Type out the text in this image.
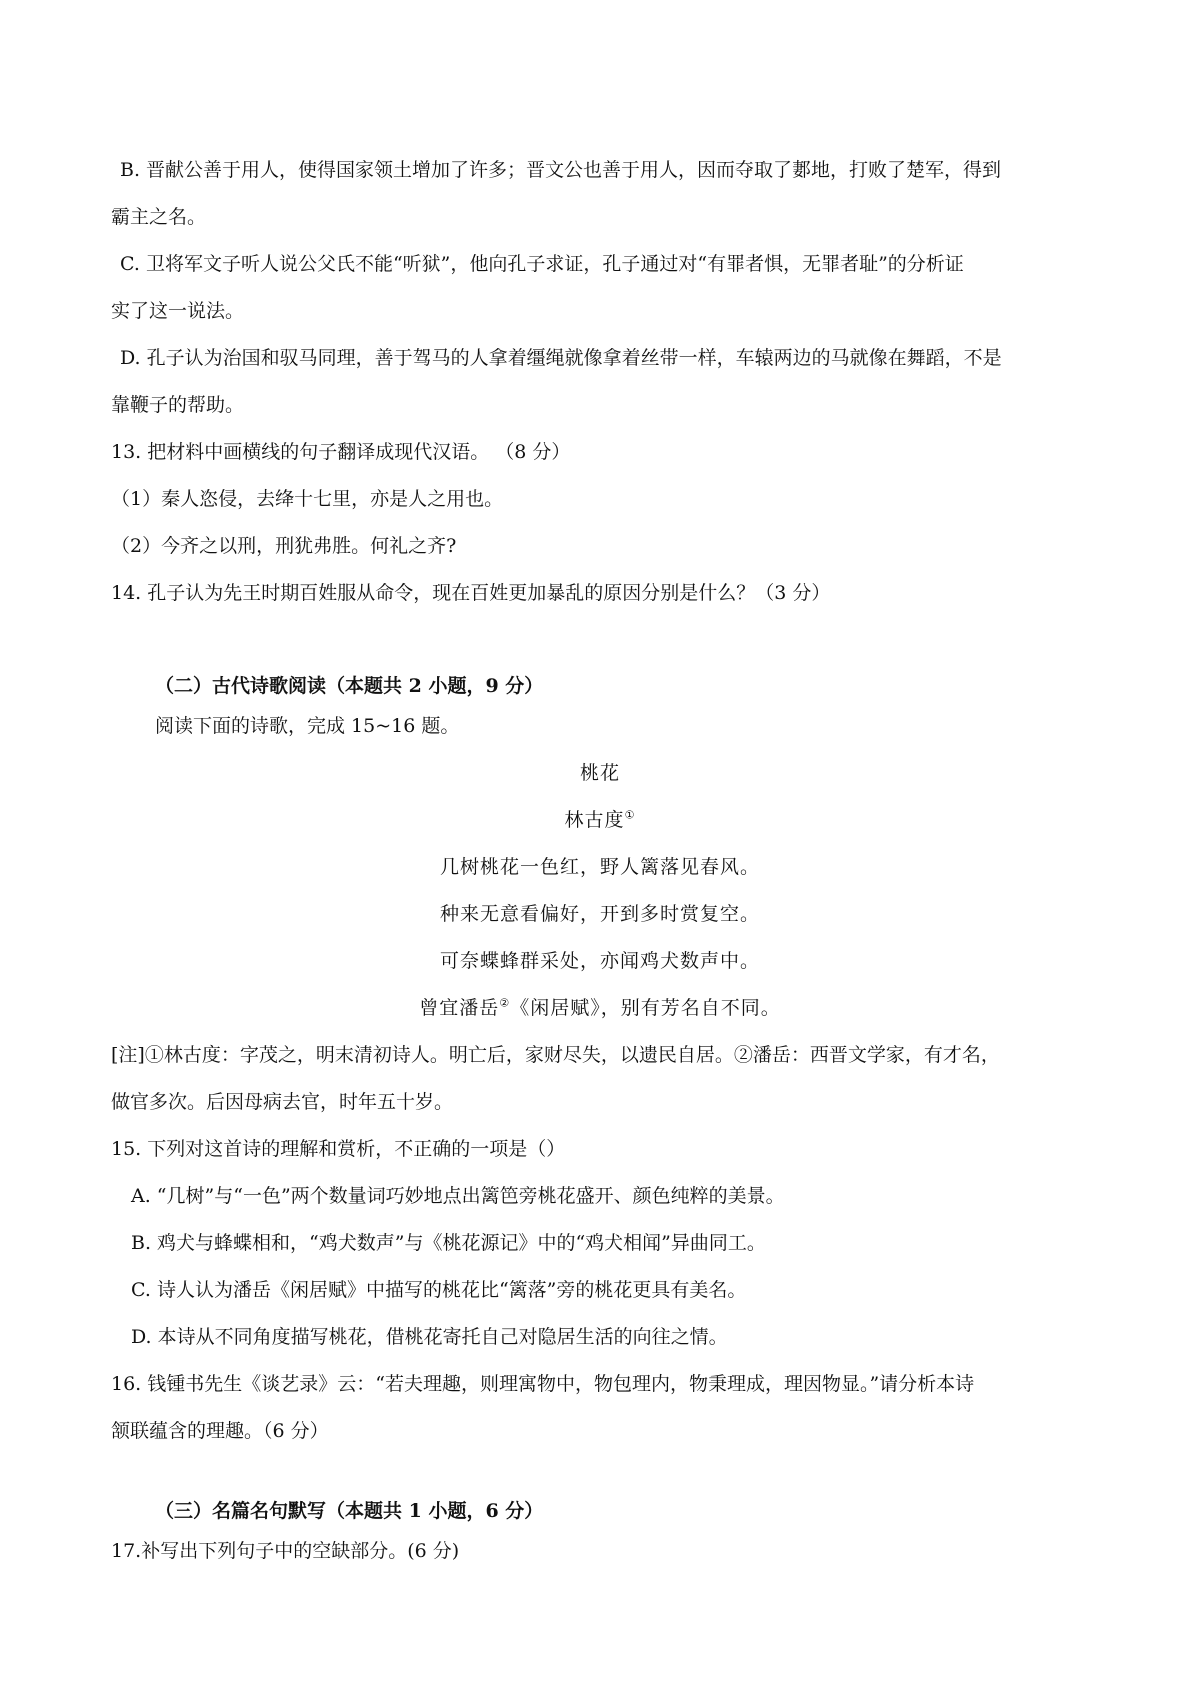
B. 晋献公善于用人，使得国家领土增加了许多；晋文公也善于用人，因而夺取了郪地，打败了楚军，得到
霸主之名。
C. 卫将军文子听人说公父氏不能“听狱”，他向孔子求证，孔子通过对“有罪者惧，无罪者耻”的分析证
实了这一说法。
D. 孔子认为治国和驭马同理，善于驾马的人拿着缰绳就像拿着丝带一样，车辕两边的马就像在舞蹈，不是
靠鞭子的帮助。
13. 把材料中画横线的句子翻译成现代汉语。 （8 分）
（1）秦人恣侵，去绛十七里，亦是人之用也。
（2）今齐之以刑，刑犹弗胜。何礼之齐?
14. 孔子认为先王时期百姓服从命令，现在百姓更加暴乱的原因分别是什么？（3 分）
（二）古代诗歌阅读（本题共 2 小题，9 分）
阅读下面的诗歌，完成 15~16 题。
桃花
林古度①
几树桃花一色红，野人篱落见春风。
种来无意看偏好，开到多时赏复空。
可奈蝶蜂群采处，亦闻鸡犬数声中。
曾宜潘岳②《闲居赋》，别有芳名自不同。
[注]①林古度：字茂之，明末清初诗人。明亡后，家财尽失，以遗民自居。②潘岳：西晋文学家，有才名，
做官多次。后因母病去官，时年五十岁。
15. 下列对这首诗的理解和赏析，不正确的一项是（）
A. “几树”与“一色”两个数量词巧妙地点出篱笆旁桃花盛开、颜色纯粹的美景。
B. 鸡犬与蜂蝶相和，“鸡犬数声”与《桃花源记》中的“鸡犬相闻”异曲同工。
C. 诗人认为潘岳《闲居赋》中描写的桃花比“篱落”旁的桃花更具有美名。
D. 本诗从不同角度描写桃花，借桃花寄托自己对隐居生活的向往之情。
16. 钱锺书先生《谈艺录》云：“若夫理趣，则理寓物中，物包理内，物秉理成，理因物显。”请分析本诗
颔联蕴含的理趣。（6 分）
（三）名篇名句默写（本题共 1 小题，6 分）
17.补写出下列句子中的空缺部分。(6 分)
